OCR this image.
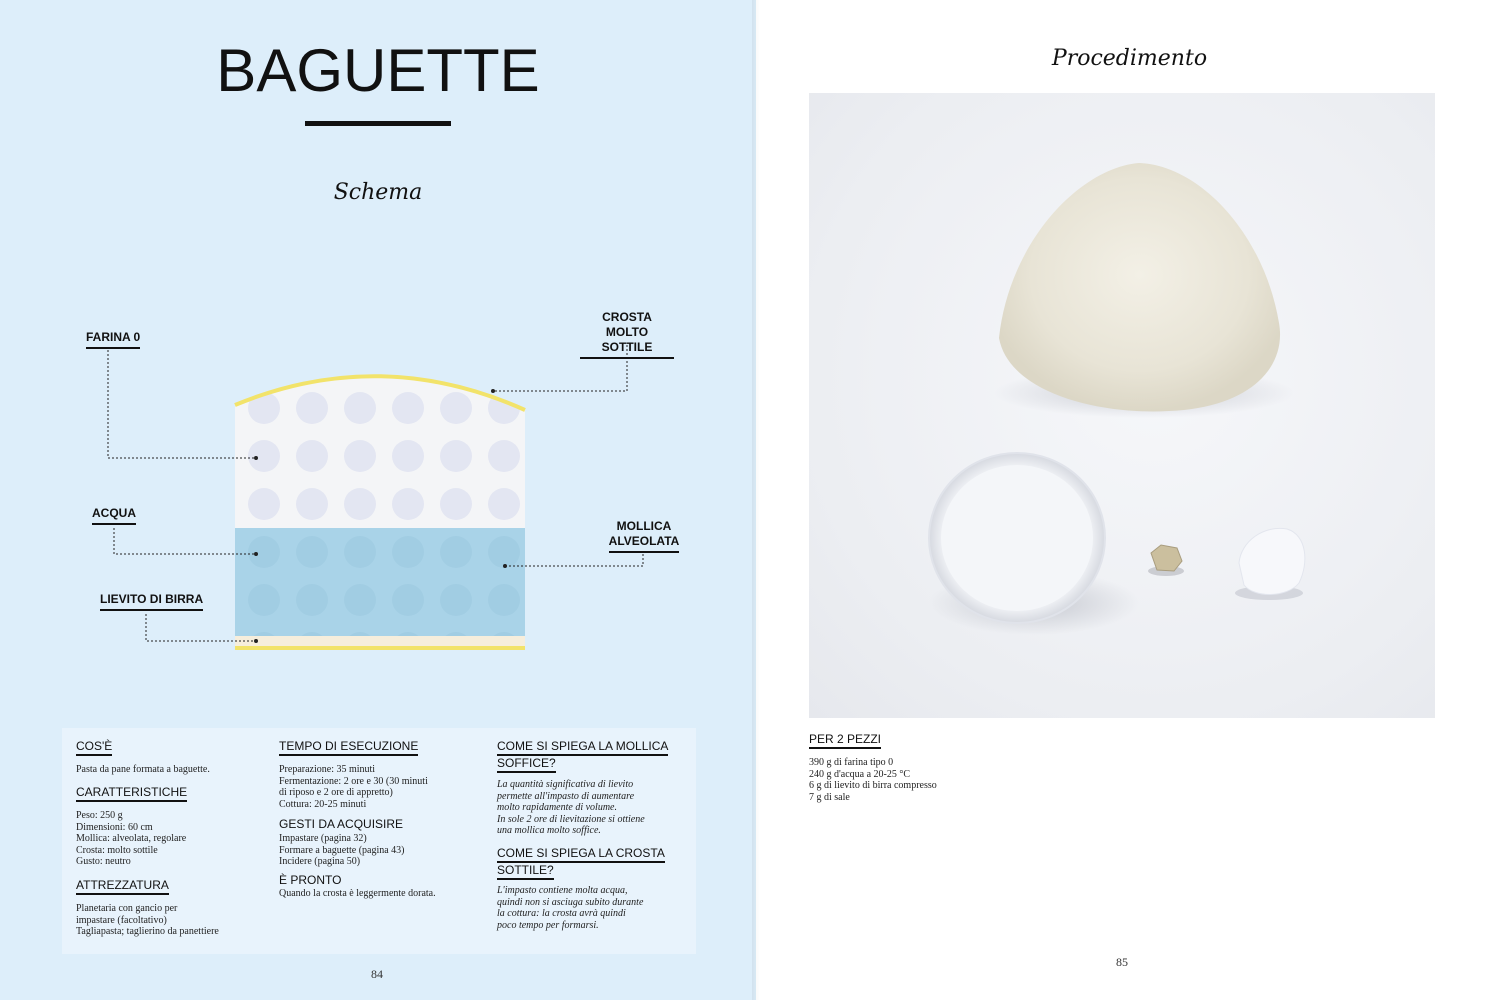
BAGUETTE
Schema
FARINA 0
CROSTA
MOLTO SOTTILE
ACQUA
MOLLICA
ALVEOLATA
LIEVITO DI BIRRA
COS'È
Pasta da pane formata a baguette.
CARATTERISTICHE
Peso: 250 g
Dimensioni: 60 cm
Mollica: alveolata, regolare
Crosta: molto sottile
Gusto: neutro
ATTREZZATURA
Planetaria con gancio per
impastare (facoltativo)
Tagliapasta; taglierino da panettiere
TEMPO DI ESECUZIONE
Preparazione: 35 minuti
Fermentazione: 2 ore e 30 (30 minuti
di riposo e 2 ore di appretto)
Cottura: 20-25 minuti
GESTI DA ACQUISIRE
Impastare (pagina 32)
Formare a baguette (pagina 43)
Incidere (pagina 50)
È PRONTO
Quando la crosta è leggermente dorata.
COME SI SPIEGA LA MOLLICA
SOFFICE?
La quantità significativa di lievito
permette all'impasto di aumentare
molto rapidamente di volume.
In sole 2 ore di lievitazione si ottiene
una mollica molto soffice.
COME SI SPIEGA LA CROSTA
SOTTILE?
L'impasto contiene molta acqua,
quindi non si asciuga subito durante
la cottura: la crosta avrà quindi
poco tempo per formarsi.
84
Procedimento
PER 2 PEZZI
390 g di farina tipo 0
240 g d'acqua a 20-25 °C
6 g di lievito di birra compresso
7 g di sale
85
